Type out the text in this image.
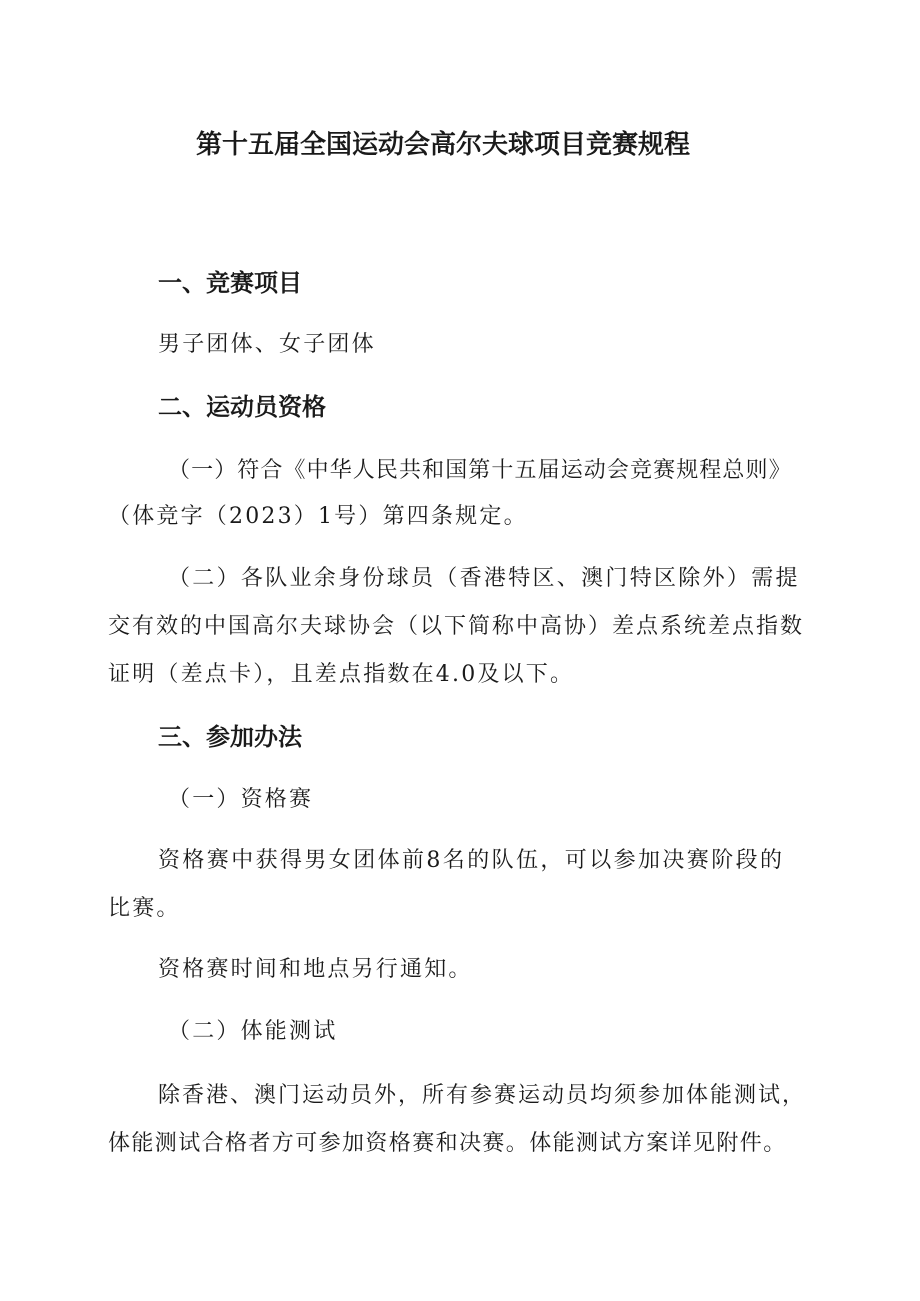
第十五届全国运动会高尔夫球项目竞赛规程
一、竞赛项目
男子团体、女子团体
二、运动员资格
（一）符合《中华人民共和国第十五届运动会竞赛规程总则》
（体竞字（2023）1号）第四条规定。
（二）各队业余身份球员（香港特区、澳门特区除外）需提
交有效的中国高尔夫球协会（以下简称中高协）差点系统差点指数
证明（差点卡），且差点指数在4.0及以下。
三、参加办法
（一）资格赛
资格赛中获得男女团体前8名的队伍，可以参加决赛阶段的
比赛。
资格赛时间和地点另行通知。
（二）体能测试
除香港、澳门运动员外，所有参赛运动员均须参加体能测试，
体能测试合格者方可参加资格赛和决赛。体能测试方案详见附件。
